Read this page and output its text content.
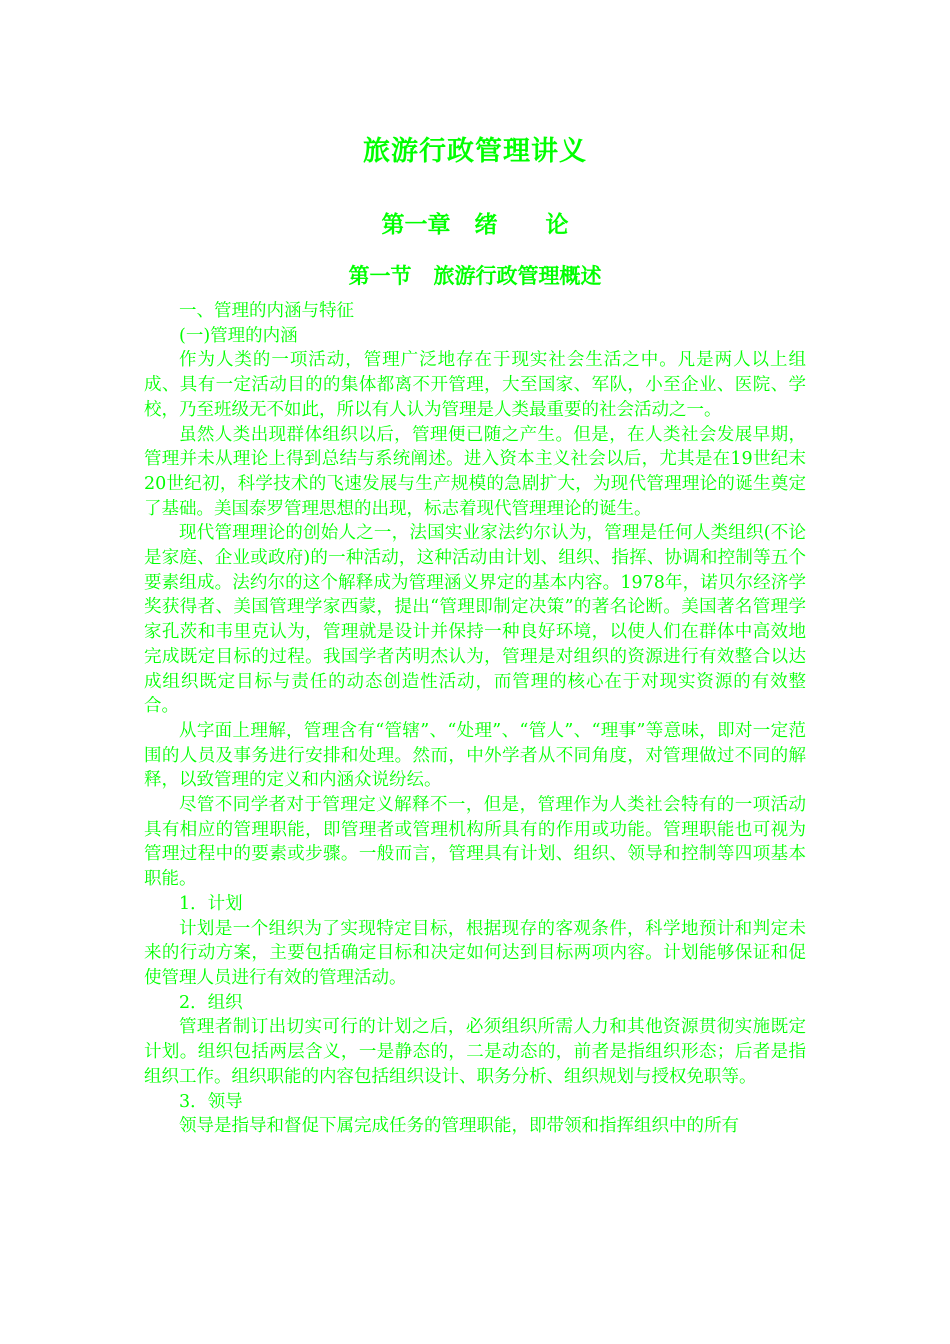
旅游行政管理讲义
第一章   绪      论
第一节   旅游行政管理概述

一、管理的内涵与特征

(一)管理的内涵

作为人类的一项活动，管理广泛地存在于现实社会生活之中。凡是两人以上组成、具有一定活动目的的集体都离不开管理，大至国家、军队，小至企业、医院、学校，乃至班级无不如此，所以有人认为管理是人类最重要的社会活动之一。

虽然人类出现群体组织以后，管理便已随之产生。但是，在人类社会发展早期，管理并未从理论上得到总结与系统阐述。进入资本主义社会以后，尤其是在19世纪末20世纪初，科学技术的飞速发展与生产规模的急剧扩大，为现代管理理论的诞生奠定了基础。美国泰罗管理思想的出现，标志着现代管理理论的诞生。

现代管理理论的创始人之一，法国实业家法约尔认为，管理是任何人类组织(不论是家庭、企业或政府)的一种活动，这种活动由计划、组织、指挥、协调和控制等五个要素组成。法约尔的这个解释成为管理涵义界定的基本内容。1978年，诺贝尔经济学奖获得者、美国管理学家西蒙，提出“管理即制定决策”的著名论断。美国著名管理学家孔茨和韦里克认为，管理就是设计并保持一种良好环境，以使人们在群体中高效地完成既定目标的过程。我国学者芮明杰认为，管理是对组织的资源进行有效整合以达成组织既定目标与责任的动态创造性活动，而管理的核心在于对现实资源的有效整合。

从字面上理解，管理含有“管辖”、“处理”、“管人”、“理事”等意味，即对一定范围的人员及事务进行安排和处理。然而，中外学者从不同角度，对管理做过不同的解释，以致管理的定义和内涵众说纷纭。

尽管不同学者对于管理定义解释不一，但是，管理作为人类社会特有的一项活动具有相应的管理职能，即管理者或管理机构所具有的作用或功能。管理职能也可视为管理过程中的要素或步骤。一般而言，管理具有计划、组织、领导和控制等四项基本职能。

1．计划

计划是一个组织为了实现特定目标，根据现存的客观条件，科学地预计和判定未来的行动方案，主要包括确定目标和决定如何达到目标两项内容。计划能够保证和促使管理人员进行有效的管理活动。

2．组织

管理者制订出切实可行的计划之后，必须组织所需人力和其他资源贯彻实施既定计划。组织包括两层含义，一是静态的，二是动态的，前者是指组织形态；后者是指组织工作。组织职能的内容包括组织设计、职务分析、组织规划与授权免职等。

3．领导

领导是指导和督促下属完成任务的管理职能，即带领和指挥组织中的所有
